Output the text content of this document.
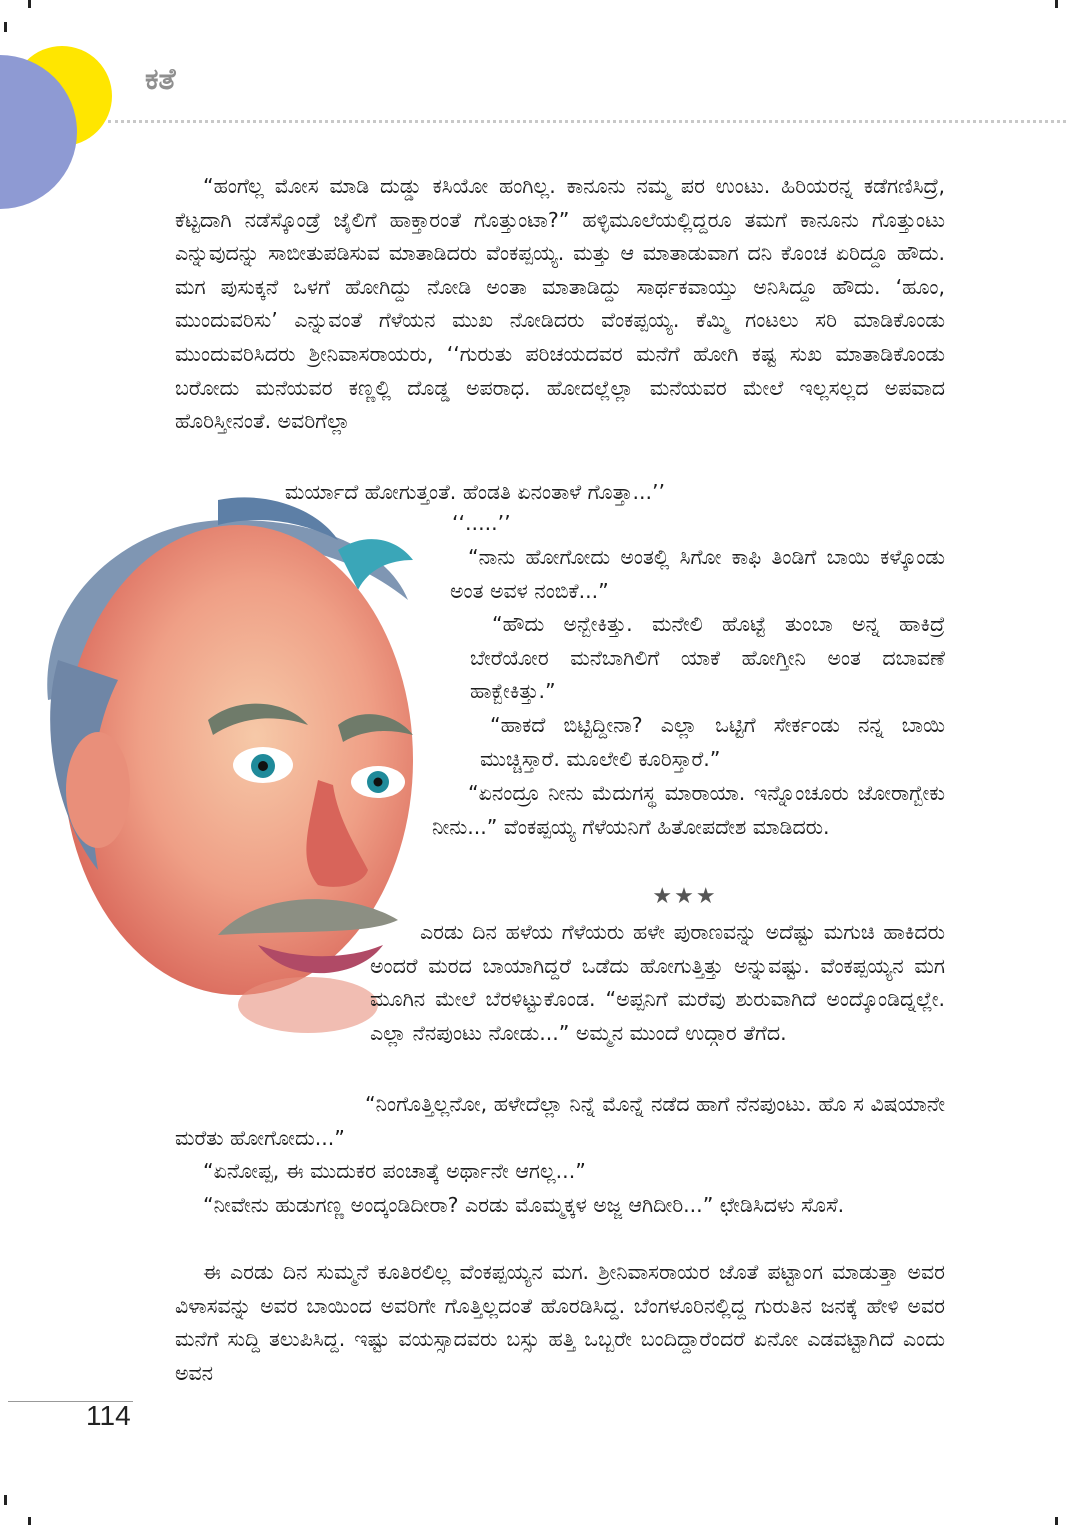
ಕತೆ

“ಹಂಗೆಲ್ಲ ಮೋಸ ಮಾಡಿ ದುಡ್ಡು ಕಸಿಯೋ ಹಂಗಿಲ್ಲ. ಕಾನೂನು ನಮ್ಮ ಪರ ಉಂಟು. ಹಿರಿಯರನ್ನ ಕಡೆಗಣಿಸಿದ್ರೆ, ಕೆಟ್ಟದಾಗಿ ನಡೆಸ್ಕೊಂಡ್ರೆ ಜೈಲಿಗೆ ಹಾಕ್ತಾರಂತೆ ಗೊತ್ತುಂಟಾ?” ಹಳ್ಳಿಮೂಲೆಯಲ್ಲಿದ್ದರೂ ತಮಗೆ ಕಾನೂನು ಗೊತ್ತುಂಟು ಎನ್ನುವುದನ್ನು ಸಾಬೀತುಪಡಿಸುವ ಮಾತಾಡಿದರು ವೆಂಕಪ್ಪಯ್ಯ. ಮತ್ತು ಆ ಮಾತಾಡುವಾಗ ದನಿ ಕೊಂಚ ಏರಿದ್ದೂ ಹೌದು. ಮಗ ಪುಸುಕ್ಕನೆ ಒಳಗೆ ಹೋಗಿದ್ದು ನೋಡಿ ಅಂತಾ ಮಾತಾಡಿದ್ದು ಸಾರ್ಥಕವಾಯ್ತು ಅನಿಸಿದ್ದೂ ಹೌದು. ‘ಹೂಂ, ಮುಂದುವರಿಸು’ ಎನ್ನುವಂತೆ ಗೆಳೆಯನ ಮುಖ ನೋಡಿದರು ವೆಂಕಪ್ಪಯ್ಯ. ಕೆಮ್ಮಿ ಗಂಟಲು ಸರಿ ಮಾಡಿಕೊಂಡು ಮುಂದುವರಿಸಿದರು ಶ್ರೀನಿವಾಸರಾಯರು, ‘‘ಗುರುತು ಪರಿಚಯದವರ ಮನೆಗೆ ಹೋಗಿ ಕಷ್ಟ ಸುಖ ಮಾತಾಡಿಕೊಂಡು ಬರೋದು ಮನೆಯವರ ಕಣ್ಣಲ್ಲಿ ದೊಡ್ಡ ಅಪರಾಧ. ಹೋದಲ್ಲೆಲ್ಲಾ ಮನೆಯವರ ಮೇಲೆ ಇಲ್ಲಸಲ್ಲದ ಅಪವಾದ ಹೊರಿಸ್ತೀನಂತೆ. ಅವರಿಗೆಲ್ಲಾ

ಮರ್ಯಾದೆ ಹೋಗುತ್ತಂತೆ. ಹೆಂಡತಿ ಏನಂತಾಳೆ ಗೊತ್ತಾ...’’

‘‘.....’’

“ನಾನು ಹೋಗೋದು ಅಂತಲ್ಲಿ ಸಿಗೋ ಕಾಫಿ ತಿಂಡಿಗೆ ಬಾಯಿ ಕಳ್ಕೊಂಡು ಅಂತ ಅವಳ ನಂಬಿಕೆ...”

“ಹೌದು ಅನ್ಬೇಕಿತ್ತು. ಮನೇಲಿ ಹೊಟ್ಟೆ ತುಂಬಾ ಅನ್ನ ಹಾಕಿದ್ರೆ ಬೇರೆಯೋರ ಮನೆಬಾಗಿಲಿಗೆ ಯಾಕೆ ಹೋಗ್ತೀನಿ ಅಂತ ದಬಾವಣೆ ಹಾಕ್ಬೇಕಿತ್ತು.”

“ಹಾಕದೆ ಬಿಟ್ಟಿದ್ದೀನಾ? ಎಲ್ಲಾ ಒಟ್ಟಿಗೆ ಸೇರ್ಕಂಡು ನನ್ನ ಬಾಯಿ ಮುಚ್ಚಿಸ್ತಾರೆ. ಮೂಲೇಲಿ ಕೂರಿಸ್ತಾರೆ.”

“ಏನಂದ್ರೂ ನೀನು ಮೆದುಗಸ್ಥ ಮಾರಾಯಾ. ಇನ್ನೊಂಚೂರು ಜೋರಾಗ್ಬೇಕು ನೀನು...” ವೆಂಕಪ್ಪಯ್ಯ ಗೆಳೆಯನಿಗೆ ಹಿತೋಪದೇಶ ಮಾಡಿದರು.

★★★

ಎರಡು ದಿನ ಹಳೆಯ ಗೆಳೆಯರು ಹಳೇ ಪುರಾಣವನ್ನು ಅದೆಷ್ಟು ಮಗುಚಿ ಹಾಕಿದರು ಅಂದರೆ ಮರದ ಬಾಯಾಗಿದ್ದರೆ ಒಡೆದು ಹೋಗುತ್ತಿತ್ತು ಅನ್ನುವಷ್ಟು. ವೆಂಕಪ್ಪಯ್ಯನ ಮಗ ಮೂಗಿನ ಮೇಲೆ ಬೆರಳಿಟ್ಟುಕೊಂಡ. “ಅಪ್ಪನಿಗೆ ಮರೆವು ಶುರುವಾಗಿದೆ ಅಂದ್ಕೊಂಡಿದ್ನಲ್ಲೇ. ಎಲ್ಲಾ ನೆನಪುಂಟು ನೋಡು...” ಅಮ್ಮನ ಮುಂದೆ ಉದ್ಗಾರ ತೆಗೆದ.

“ನಿಂಗೊತ್ತಿಲ್ಲನೋ, ಹಳೇದೆಲ್ಲಾ ನಿನ್ನೆ ಮೊನ್ನೆ ನಡೆದ ಹಾಗೆ ನೆನಪುಂಟು. ಹೊ ಸ ವಿಷಯಾನೇ ಮರೆತು ಹೋಗೋದು...”

“ಏನೋಪ್ಪ, ಈ ಮುದುಕರ ಪಂಚಾತ್ಕೆ ಅರ್ಥಾನೇ ಆಗಲ್ಲ...”

“ನೀವೇನು ಹುಡುಗಣ್ಣ ಅಂದ್ಕಂಡಿದೀರಾ? ಎರಡು ಮೊಮ್ಮಕ್ಕಳ ಅಜ್ಜ ಆಗಿದೀರಿ...” ಛೇಡಿಸಿದಳು ಸೊಸೆ.

ಈ ಎರಡು ದಿನ ಸುಮ್ಮನೆ ಕೂತಿರಲಿಲ್ಲ ವೆಂಕಪ್ಪಯ್ಯನ ಮಗ. ಶ್ರೀನಿವಾಸರಾಯರ ಜೊತೆ ಪಟ್ಟಾಂಗ ಮಾಡುತ್ತಾ ಅವರ ವಿಳಾಸವನ್ನು ಅವರ ಬಾಯಿಂದ ಅವರಿಗೇ ಗೊತ್ತಿಲ್ಲದಂತೆ ಹೊರಡಿಸಿದ್ದ. ಬೆಂಗಳೂರಿನಲ್ಲಿದ್ದ ಗುರುತಿನ ಜನಕ್ಕೆ ಹೇಳಿ ಅವರ ಮನೆಗೆ ಸುದ್ದಿ ತಲುಪಿಸಿದ್ದ. ಇಷ್ಟು ವಯಸ್ಸಾದವರು ಬಸ್ಸು ಹತ್ತಿ ಒಬ್ಬರೇ ಬಂದಿದ್ದಾರೆಂದರೆ ಏನೋ ಎಡವಟ್ಟಾಗಿದೆ ಎಂದು ಅವನ

114
